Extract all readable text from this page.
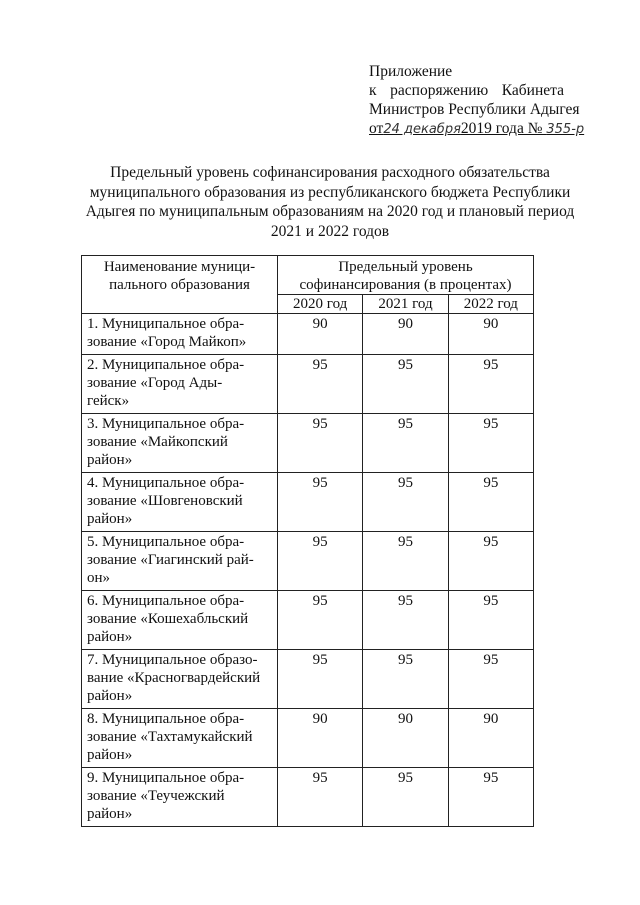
Приложение
к распоряжению Кабинета
Министров Республики Адыгея
от24 декабря2019 года № 355-р
Предельный уровень софинансирования расходного обязательства муниципального образования из республиканского бюджета Республики Адыгея по муниципальным образованиям на 2020 год и плановый период 2021 и 2022 годов
Наименование муници-пального образования	Предельный уровень софинансирования (в процентах)		
	2020 год	2021 год	2022 год

1. Муниципальное обра-
зование «Город Майкоп»	90	90	90

2. Муниципальное обра-
зование «Город Ады-
гейск»	95	95	95

3. Муниципальное обра-
зование «Майкопский
район»	95	95	95

4. Муниципальное обра-
зование «Шовгеновский
район»	95	95	95

5. Муниципальное обра-
зование «Гиагинский рай-
он»	95	95	95

6. Муниципальное обра-
зование «Кошехабльский
район»	95	95	95

7. Муниципальное образо-
вание «Красногвардейский
район»	95	95	95

8. Муниципальное обра-
зование «Тахтамукайский
район»	90	90	90

9. Муниципальное обра-
зование «Теучежский
район»	95	95	95
